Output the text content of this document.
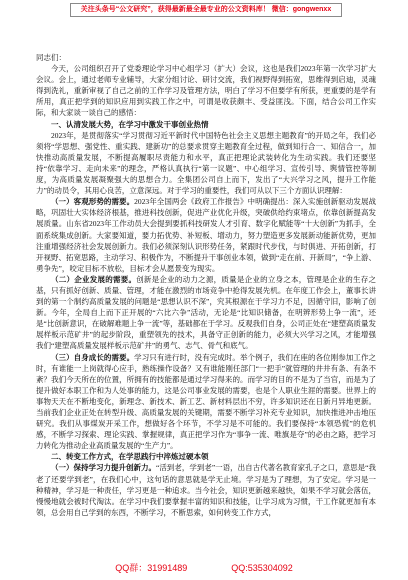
关注头条号“公文研究”，获得最新最全最专业的公文资料库！ 微信：gongwenxx

同志们：

今天，公司组织召开了党委理论学习中心组学习（扩大）会议，这也是我们2023年第一次学习扩大会议。会上，通过老师专业辅导，大家分组讨论、研讨交流，我们视野得到拓宽，思维得到启迪，灵魂得到洗礼，重新审视了自己之前的工作学习及管理方法，明白了学习不但要学有所获，更重要的是学有所用，真正把学到的知识应用到实践工作之中，可谓是收获颇丰、受益匪浅。下面，结合公司工作实际，和大家谈一谈自己的感悟：

一、认清发展大势，在学习中激发干事创业热情

2023年，是贯彻落实“学习贯彻习近平新时代中国特色社会主义思想主题教育”的开局之年，我们必须将“学思想、强党性、重实践、建新功”的总要求贯穿主题教育全过程，做到知行合一、知信合一，加快推动高质量发展，不断提高履职尽责能力和水平，真正把理论武装转化为生动实践。我们还要坚持“依靠学习、走向未来”的理念，严格认真执行“第一议题”、中心组学习、宣传引导、舆情管控等制度，为高质量发展凝聚强大的思想合力。全集团公司自上而下，发出了“大兴学习之风，提升工作能力”的动员令，其用心良苦，立意深远。对于学习的重要性，我们可从以下三个方面认识理解：

（一）客观形势的需要。2023年全国两会《政府工作报告》中明确提出：深入实施创新驱动发展战略，巩固壮大实体经济根基，推进科技创新，促进产业优化升级，突破供给约束堵点，依靠创新提高发展质量。山东省2023年工作动员大会提到要抓科技研发人才引育、数字化赋能等“十大创新”为抓手，全面系统集成创新。大家要知道，要力拓优势、补短板、增动力，努力塑造更多发展新动能新优势，更加注重增强经济社会发展创新力。我们必须深刻认识形势任务，紧跟时代步伐，与时俱进、开拓创新，打开视野、拓宽思路，主动学习、积极作为，不断提升干事创业本领，做到“走在前、开新局”，“争上游、勇争先”，咬定目标不放松，目标才会从愿景变为现实。

（二）企业发展的需要。创新是企业的动力之源，质量是企业的立身之本，管理是企业的生存之基，只有抓好创新、质量、管理，才能在激烈的市场竞争中抢得发展先机。在年度工作会上，董事长讲到的第一个制约高质量发展的问题是“思想认识不深”，究其根源在于学习力不足，因循守旧，影响了创新。今年，全局自上而下正开展的“六比六争”活动，无论是“比知识储备，在明辨形势上争一流”，还是“比创新意识，在破解难题上争一流”等，基础都在于学习。反观我们自身，公司正处在“建塑高质量发展样板示范矿井”的起步阶段，重塑领先的技术，具备守正创新的能力，必须大兴学习之风，才能增强我们“建塑高质量发展样板示范矿井”的勇气、志气、骨气和底气。

（三）自身成长的需要。学习只有进行时，没有完成时。举个例子，我们在座的各位刚参加工作之时，有谁能一上岗就得心应手，熟练操作设备？又有谁能刚任部门“一把手”就管理的井井有条、有条不紊？我们今天所在的位置，所拥有的技能都是通过学习得来的。而学习的目的不是为了当官，而是为了提升做好本职工作和为人处事的能力，这是公司事业发展的需要，也是个人职业生涯的需要。世界上的事物天天在不断地变化，新理念、新技术、新工艺、新材料层出不穷，许多知识还在日新月异地更新。当前我们企业正处在转型升级、高质量发展的关键期，需要不断学习补充专业知识，加快推进冲击地压研究。我们从事煤炭开采工作，想做好各个环节，不学习是不可能的。我们要保持“本领恐慌”的危机感，不断学习探索、理论实践、掌握规律，真正把学习作为“事争一流、唯旗是夺”的必由之路，把学习力转化为推动企业高质量发展的“生产力”。

二、转变工作方式，在学思践行中淬炼过硬本领

（一）保持学习力提升创新力。“活到老，学到老”一语，出自古代著名教育家孔子之口，意思是“我老了还要学到老”，在我们心中，这句话的意思就是学无止境。学习是为了理想，为了安定。学习是一种精神，学习是一种责任，学习更是一种追求。当今社会，知识更新越来越快，如果不学习就会落伍，慢慢地就会被时代淘汰。在学习中我们要掌握丰富的知识和技能，让学习成为习惯，干工作就更加有本领，总会用自己学到的东西，不断学习，不断思索，如何转变工作方式，

QQ群：31991489	QQ:535304092
